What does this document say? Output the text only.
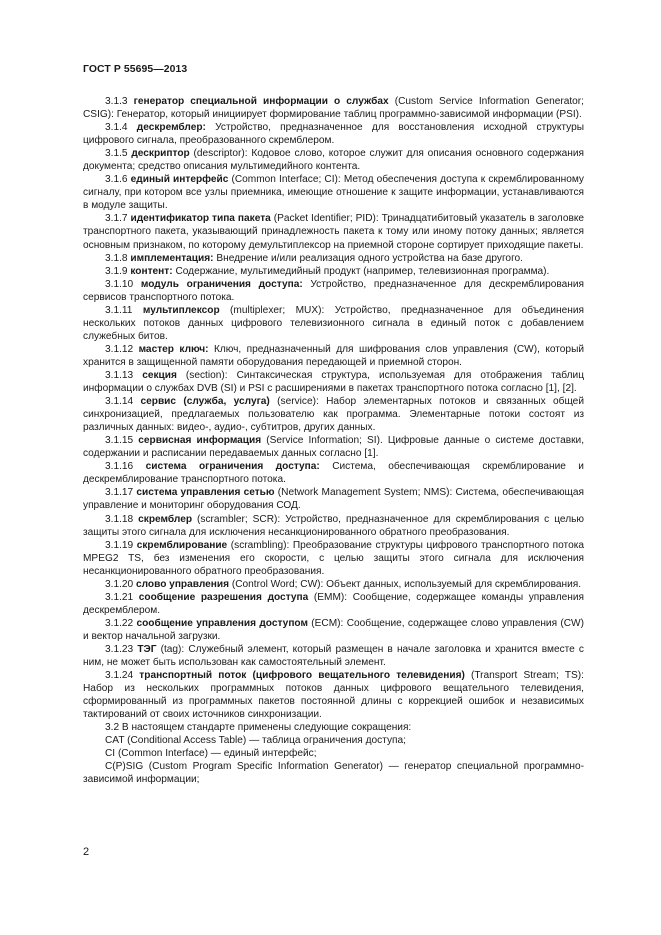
ГОСТ Р 55695—2013

3.1.3 генератор специальной информации о службах (Custom Service Information Generator; CSIG): Генератор, который инициирует формирование таблиц программно-зависимой информации (PSI).

3.1.4 дескремблер: Устройство, предназначенное для восстановления исходной структуры цифрового сигнала, преобразованного скремблером.

3.1.5 дескриптор (descriptor): Кодовое слово, которое служит для описания основного содержания документа; средство описания мультимедийного контента.

3.1.6 единый интерфейс (Common Interface; CI): Метод обеспечения доступа к скремблированному сигналу, при котором все узлы приемника, имеющие отношение к защите информации, устанавливаются в модуле защиты.

3.1.7 идентификатор типа пакета (Packet Identifier; PID): Тринадцатибитовый указатель в заголовке транспортного пакета, указывающий принадлежность пакета к тому или иному потоку данных; является основным признаком, по которому демультиплексор на приемной стороне сортирует приходящие пакеты.

3.1.8 имплементация: Внедрение и/или реализация одного устройства на базе другого.

3.1.9 контент: Содержание, мультимедийный продукт (например, телевизионная программа).

3.1.10 модуль ограничения доступа: Устройство, предназначенное для дескремблирования сервисов транспортного потока.

3.1.11 мультиплексор (multiplexer; MUX): Устройство, предназначенное для объединения нескольких потоков данных цифрового телевизионного сигнала в единый поток с добавлением служебных битов.

3.1.12 мастер ключ: Ключ, предназначенный для шифрования слов управления (CW), который хранится в защищенной памяти оборудования передающей и приемной сторон.

3.1.13 секция (section): Синтаксическая структура, используемая для отображения таблиц информации о службах DVB (SI) и PSI с расширениями в пакетах транспортного потока согласно [1], [2].

3.1.14 сервис (служба, услуга) (service): Набор элементарных потоков и связанных общей синхронизацией, предлагаемых пользователю как программа. Элементарные потоки состоят из различных данных: видео-, аудио-, субтитров, других данных.

3.1.15 сервисная информация (Service Information; SI). Цифровые данные о системе доставки, содержании и расписании передаваемых данных согласно [1].

3.1.16 система ограничения доступа: Система, обеспечивающая скремблирование и дескремблирование транспортного потока.

3.1.17 система управления сетью (Network Management System; NMS): Система, обеспечивающая управление и мониторинг оборудования СОД.

3.1.18 скремблер (scrambler; SCR): Устройство, предназначенное для скремблирования с целью защиты этого сигнала для исключения несанкционированного обратного преобразования.

3.1.19 скремблирование (scrambling): Преобразование структуры цифрового транспортного потока MPEG2 TS, без изменения его скорости, с целью защиты этого сигнала для исключения несанкционированного обратного преобразования.

3.1.20 слово управления (Control Word; CW): Объект данных, используемый для скремблирования.

3.1.21 сообщение разрешения доступа (EMM): Сообщение, содержащее команды управления дескремблером.

3.1.22 сообщение управления доступом (ECM): Сообщение, содержащее слово управления (CW) и вектор начальной загрузки.

3.1.23 ТЭГ (tag): Служебный элемент, который размещен в начале заголовка и хранится вместе с ним, не может быть использован как самостоятельный элемент.

3.1.24 транспортный поток (цифрового вещательного телевидения) (Transport Stream; TS): Набор из нескольких программных потоков данных цифрового вещательного телевидения, сформированный из программных пакетов постоянной длины с коррекцией ошибок и независимых тактирований от своих источников синхронизации.

3.2 В настоящем стандарте применены следующие сокращения:

CAT (Conditional Access Table) — таблица ограничения доступа;

CI (Common Interface) — единый интерфейс;

C(P)SIG (Custom Program Specific Information Generator) — генератор специальной программно-зависимой информации;

2
